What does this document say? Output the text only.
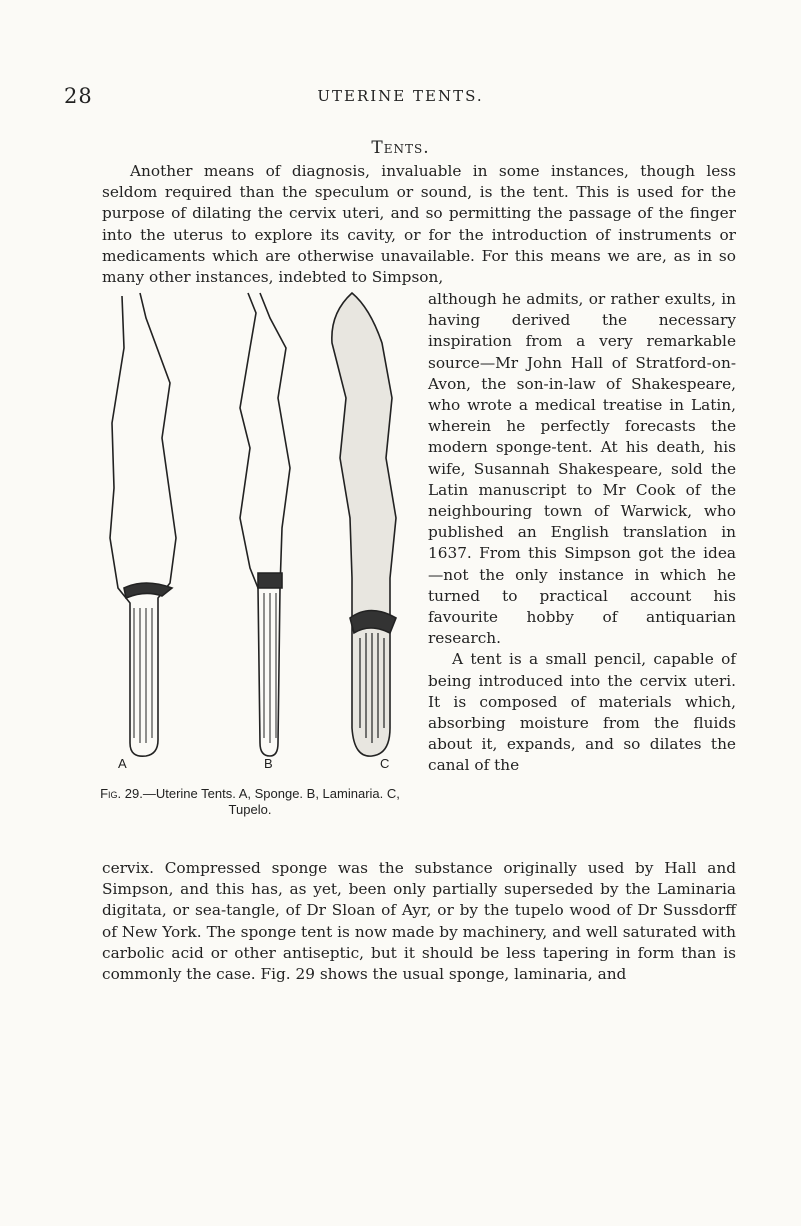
28	UTERINE TENTS.
Tents.

Another means of diagnosis, invaluable in some instances, though less seldom required than the speculum or sound, is the tent. This is used for the purpose of dilating the cervix uteri, and so permitting the passage of the finger into the uterus to explore its cavity, or for the introduction of instruments or medicaments which are otherwise unavailable. For this means we are, as in so many other instances, indebted to Simpson,

although he admits, or rather exults, in having derived the necessary inspiration from a very remarkable source—Mr John Hall of Stratford-on-Avon, the son-in-law of Shakespeare, who wrote a medical treatise in Latin, wherein he perfectly forecasts the modern sponge-tent. At his death, his wife, Susannah Shakespeare, sold the Latin manuscript to Mr Cook of the neighbouring town of Warwick, who published an English translation in 1637. From this Simpson got the idea—not the only instance in which he turned to practical account his favourite hobby of antiquarian research.

A tent is a small pencil, capable of being introduced into the cervix uteri. It is composed of materials which, absorbing moisture from the fluids about it, expands, and so dilates the canal of the

A	B	C
Fig. 29.—Uterine Tents. A, Sponge. B, Laminaria. C, Tupelo.

cervix. Compressed sponge was the substance originally used by Hall and Simpson, and this has, as yet, been only partially superseded by the Laminaria digitata, or sea-tangle, of Dr Sloan of Ayr, or by the tupelo wood of Dr Sussdorff of New York. The sponge tent is now made by machinery, and well saturated with carbolic acid or other antiseptic, but it should be less tapering in form than is commonly the case. Fig. 29 shows the usual sponge, laminaria, and
